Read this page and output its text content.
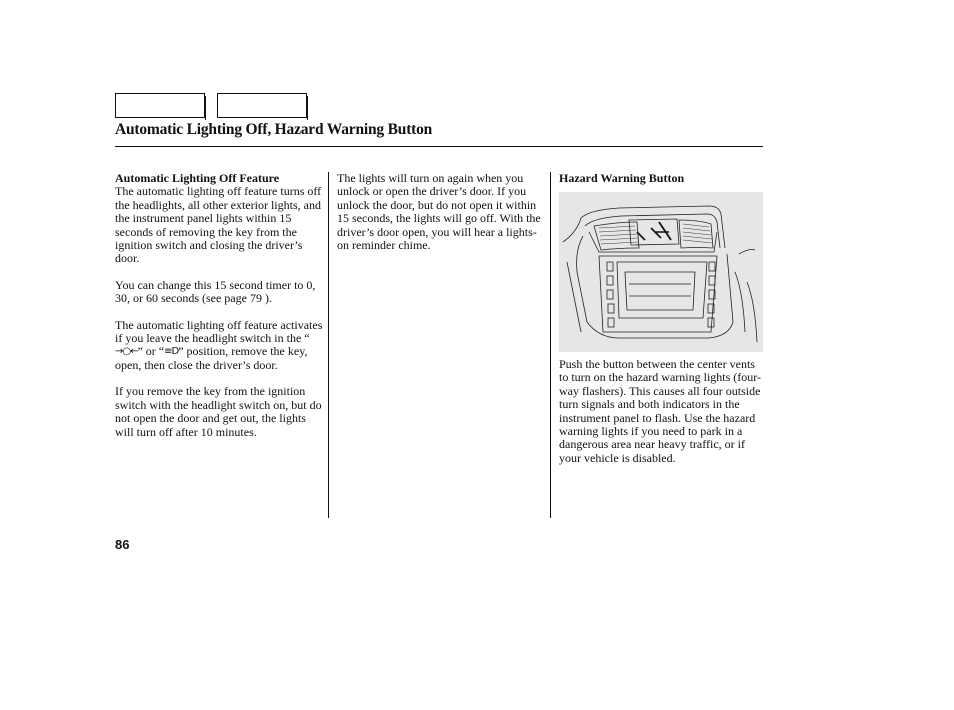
Automatic Lighting Off, Hazard Warning Button
Automatic Lighting Off Feature

The automatic lighting off feature turns off the headlights, all other exterior lights, and the instrument panel lights within 15 seconds of removing the key from the ignition switch and closing the driver’s door.

You can change this 15 second timer to 0, 30, or 60 seconds (see page 79 ).

The automatic lighting off feature activates if you leave the headlight switch in the “→○←” or “≡D” position, remove the key, open, then close the driver’s door.

If you remove the key from the ignition switch with the headlight switch on, but do not open the door and get out, the lights will turn off after 10 minutes.

The lights will turn on again when you unlock or open the driver’s door. If you unlock the door, but do not open it within 15 seconds, the lights will go off. With the driver’s door open, you will hear a lights-on reminder chime.

Hazard Warning Button

Push the button between the center vents to turn on the hazard warning lights (four-way flashers). This causes all four outside turn signals and both indicators in the instrument panel to flash. Use the hazard warning lights if you need to park in a dangerous area near heavy traffic, or if your vehicle is disabled.

86
